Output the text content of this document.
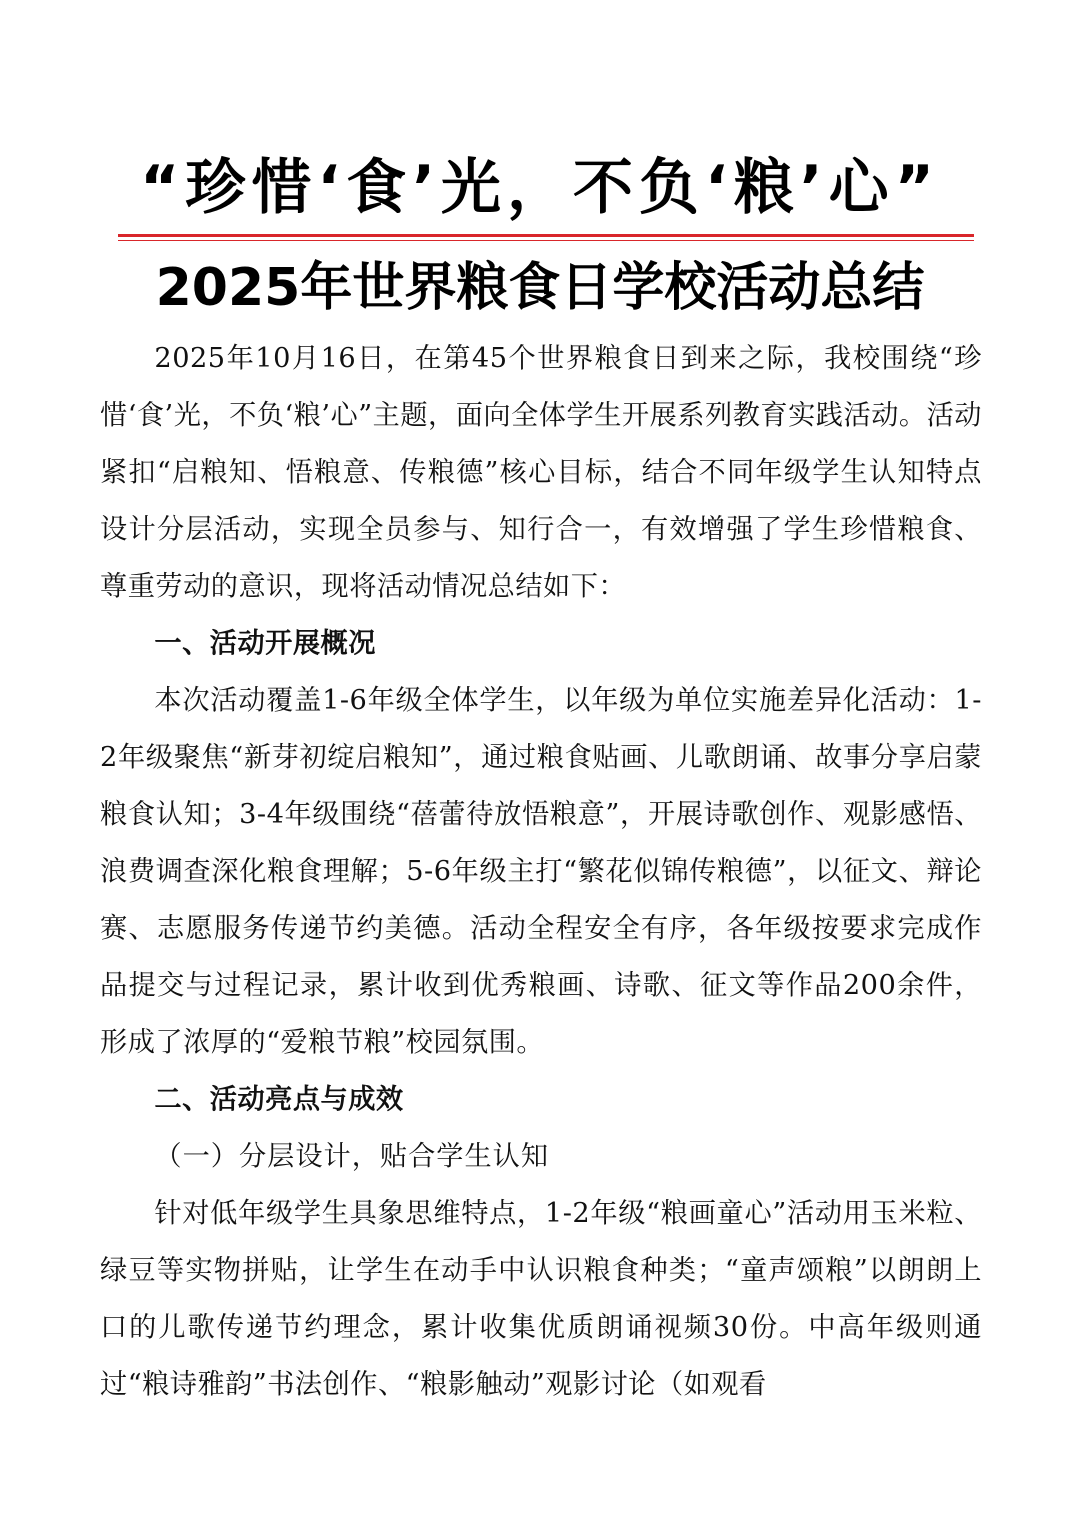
“珍惜‘食’光，不负‘粮’心”
2025年世界粮食日学校活动总结

2025年10月16日，在第45个世界粮食日到来之际，我校围绕“珍惜‘食’光，不负‘粮’心”主题，面向全体学生开展系列教育实践活动。活动紧扣“启粮知、悟粮意、传粮德”核心目标，结合不同年级学生认知特点设计分层活动，实现全员参与、知行合一，有效增强了学生珍惜粮食、尊重劳动的意识，现将活动情况总结如下：

一、活动开展概况

本次活动覆盖1-6年级全体学生，以年级为单位实施差异化活动：1-2年级聚焦“新芽初绽启粮知”，通过粮食贴画、儿歌朗诵、故事分享启蒙粮食认知；3-4年级围绕“蓓蕾待放悟粮意”，开展诗歌创作、观影感悟、浪费调查深化粮食理解；5-6年级主打“繁花似锦传粮德”，以征文、辩论赛、志愿服务传递节约美德。活动全程安全有序，各年级按要求完成作品提交与过程记录，累计收到优秀粮画、诗歌、征文等作品200余件，形成了浓厚的“爱粮节粮”校园氛围。

二、活动亮点与成效
（一）分层设计，贴合学生认知

针对低年级学生具象思维特点，1-2年级“粮画童心”活动用玉米粒、绿豆等实物拼贴，让学生在动手中认识粮食种类；“童声颂粮”以朗朗上口的儿歌传递节约理念，累计收集优质朗诵视频30份。中高年级则通过“粮诗雅韵”书法创作、“粮影触动”观影讨论（如观看
